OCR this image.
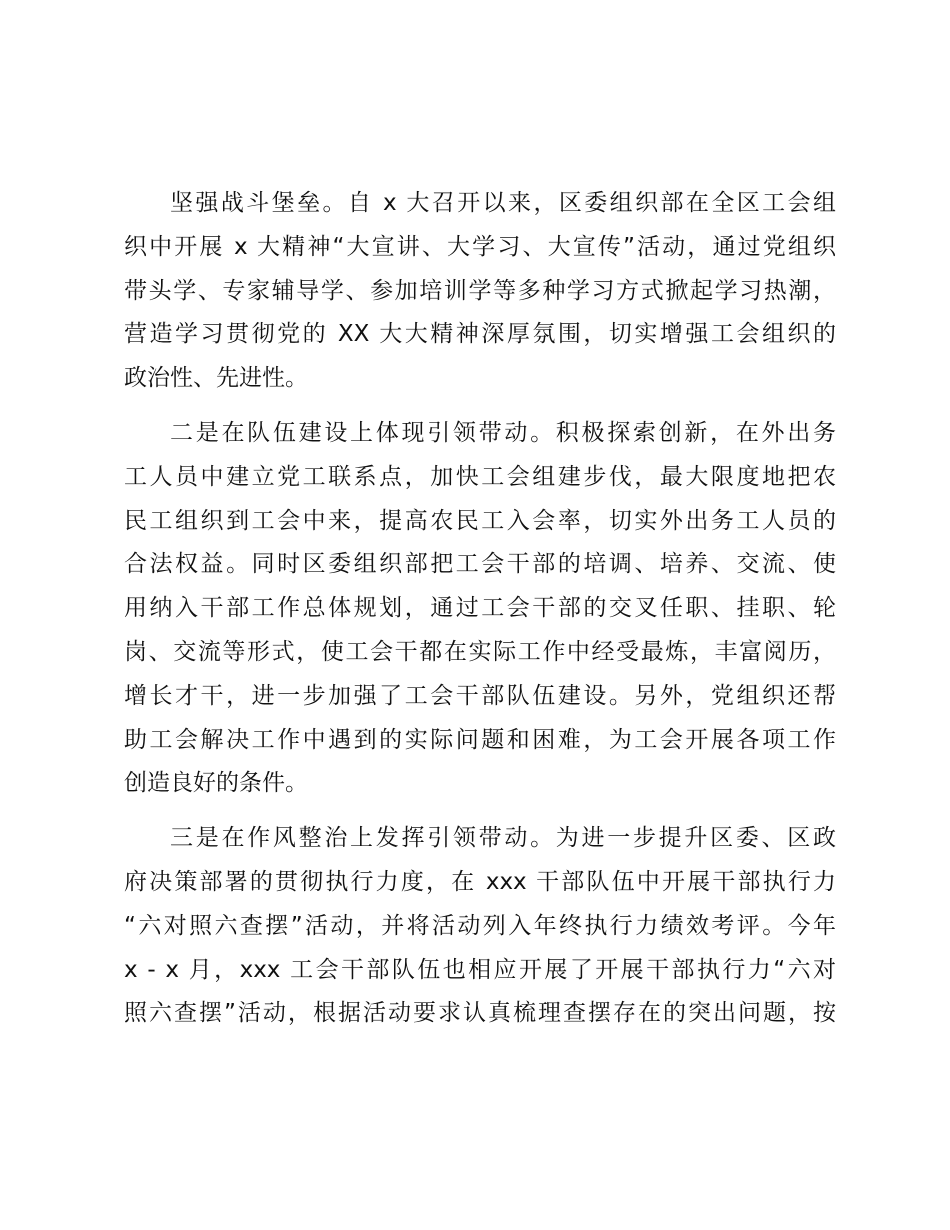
坚强战斗堡垒。自 x 大召开以来，区委组织部在全区工会组
织中开展 x 大精神“大宣讲、大学习、大宣传”活动，通过党组织
带头学、专家辅导学、参加培训学等多种学习方式掀起学习热潮，
营造学习贯彻党的 XX 大大精神深厚氛围，切实增强工会组织的
政治性、先进性。
二是在队伍建设上体现引领带动。积极探索创新，在外出务
工人员中建立党工联系点，加快工会组建步伐，最大限度地把农
民工组织到工会中来，提高农民工入会率，切实外出务工人员的
合法权益。同时区委组织部把工会干部的培调、培养、交流、使
用纳入干部工作总体规划，通过工会干部的交叉任职、挂职、轮
岗、交流等形式，使工会干都在实际工作中经受最炼，丰富阅历，
增长才干，进一步加强了工会干部队伍建设。另外，党组织还帮
助工会解决工作中遇到的实际问题和困难，为工会开展各项工作
创造良好的条件。
三是在作风整治上发挥引领带动。为进一步提升区委、区政
府决策部署的贯彻执行力度，在 xxx 干部队伍中开展干部执行力
“六对照六查摆”活动，并将活动列入年终执行力绩效考评。今年
x - x 月，xxx 工会干部队伍也相应开展了开展干部执行力“六对
照六查摆”活动，根据活动要求认真梳理查摆存在的突出问题，按
